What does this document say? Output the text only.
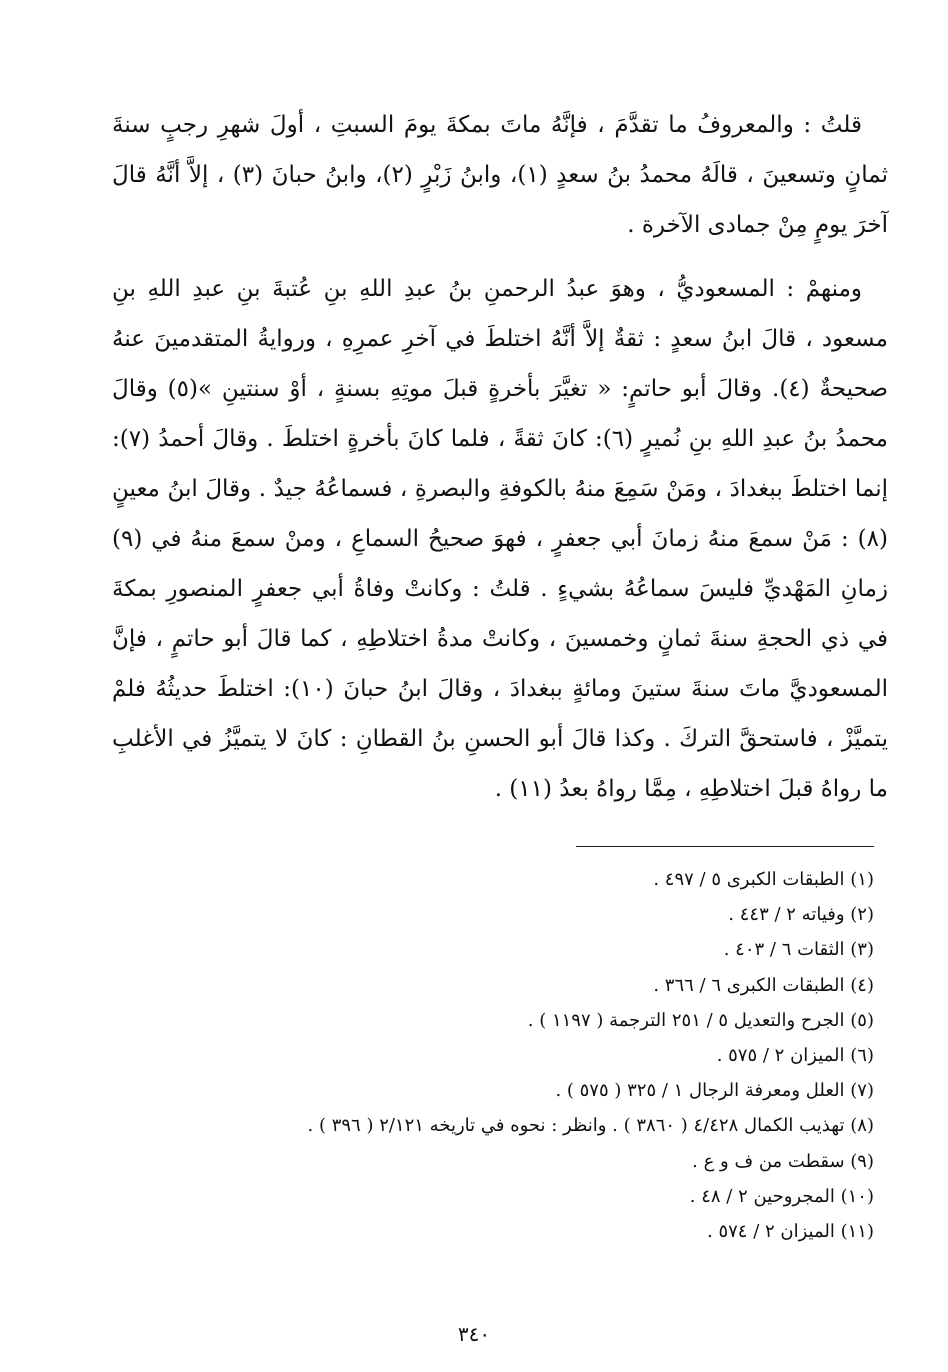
قلتُ : والمعروفُ ما تقدَّمَ ، فإنَّهُ ماتَ بمكةَ يومَ السبتِ ، أولَ شهرِ رجبٍ سنةَ ثمانٍ وتسعينَ ، قالَهُ محمدُ بنُ سعدٍ (١)، وابنُ زَبْرٍ (٢)، وابنُ حبانَ (٣) ، إلاَّ أنَّهُ قالَ آخرَ يومٍ مِنْ جمادى الآخرة .

ومنهمْ : المسعوديُّ ، وهوَ عبدُ الرحمنِ بنُ عبدِ اللهِ بنِ عُتبةَ بنِ عبدِ اللهِ بنِ مسعود ، قالَ ابنُ سعدٍ : ثقةٌ إلاَّ أنَّهُ اختلطَ في آخرِ عمرِهِ ، وروايةُ المتقدمينَ عنهُ صحيحةٌ (٤). وقالَ أبو حاتمٍ: « تغيَّرَ بأخرةٍ قبلَ موتِهِ بسنةٍ ، أوْ سنتينِ »(٥) وقالَ محمدُ بنُ عبدِ اللهِ بنِ نُميرٍ (٦): كانَ ثقةً ، فلما كانَ بأخرةٍ اختلطَ . وقالَ أحمدُ (٧): إنما اختلطَ ببغدادَ ، ومَنْ سَمِعَ منهُ بالكوفةِ والبصرةِ ، فسماعُهُ جيدٌ . وقالَ ابنُ معينٍ (٨) : مَنْ سمعَ منهُ زمانَ أبي جعفرٍ ، فهوَ صحيحُ السماعِ ، ومنْ سمعَ منهُ في (٩) زمانِ المَهْديِّ فليسَ سماعُهُ بشيءٍ . قلتُ : وكانتْ وفاةُ أبي جعفرٍ المنصورِ بمكةَ في ذي الحجةِ سنةَ ثمانٍ وخمسينَ ، وكانتْ مدةُ اختلاطِهِ ، كما قالَ أبو حاتمٍ ، فإنَّ المسعوديَّ ماتَ سنةَ ستينَ ومائةٍ ببغدادَ ، وقالَ ابنُ حبانَ (١٠): اختلطَ حديثُهُ فلمْ يتميَّزْ ، فاستحقَّ التركَ . وكذا قالَ أبو الحسنِ بنُ القطانِ : كانَ لا يتميَّزُ في الأغلبِ ما رواهُ قبلَ اختلاطِهِ ، مِمَّا رواهُ بعدُ (١١) .

(١) الطبقات الكبرى ٥ / ٤٩٧ .
(٢) وفياته ٢ / ٤٤٣ .
(٣) الثقات ٦ / ٤٠٣ .
(٤) الطبقات الكبرى ٦ / ٣٦٦ .
(٥) الجرح والتعديل ٥ / ٢٥١ الترجمة ( ١١٩٧ ) .
(٦) الميزان ٢ / ٥٧٥ .
(٧) العلل ومعرفة الرجال ١ / ٣٢٥ ( ٥٧٥ ) .
(٨) تهذيب الكمال ٤/٤٢٨ ( ٣٨٦٠ ) . وانظر : نحوه في تاريخه ٢/١٢١ ( ٣٩٦ ) .
(٩) سقطت من ف و ع .
(١٠) المجروحين ٢ / ٤٨ .
(١١) الميزان ٢ / ٥٧٤ .
٣٤٠
